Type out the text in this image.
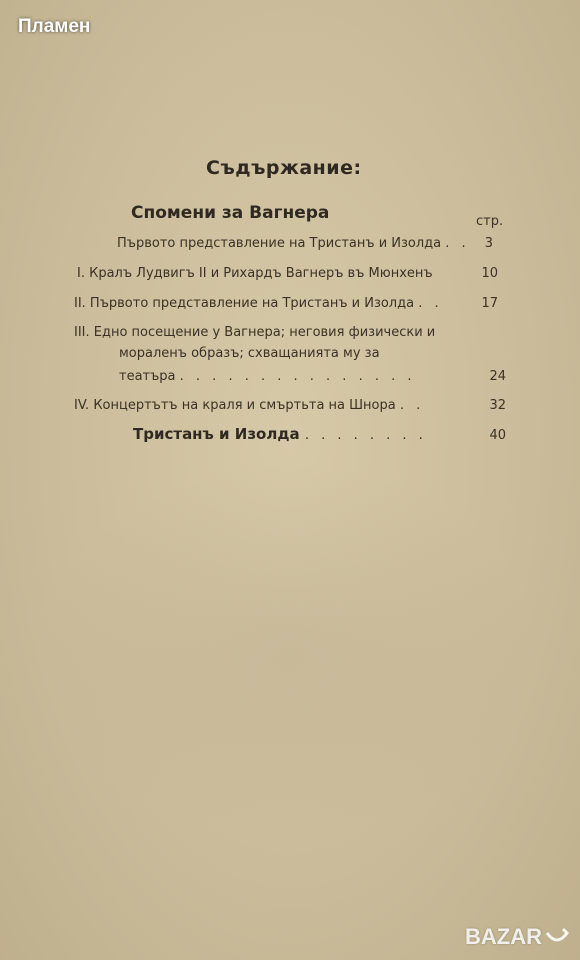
Пламен
Съдържание:
Спомени за Вагнера	стр.
Първото представление на Тристанъ и Изолда . .	3
I. Кралъ Лудвигъ II и Рихардъ Вагнеръ въ Мюнхенъ	10
II. Първото представление на Тристанъ и Изолда . .	17
III. Едно посещение у Вагнера; неговия физически и
мораленъ образъ; схващанията му за
театъра . . . . . . . . . . . . . . .	24
IV. Концертътъ на краля и смъртьта на Шнора . .	32
Тристанъ и Изолда . . . . . . . .	40
BAZAR
